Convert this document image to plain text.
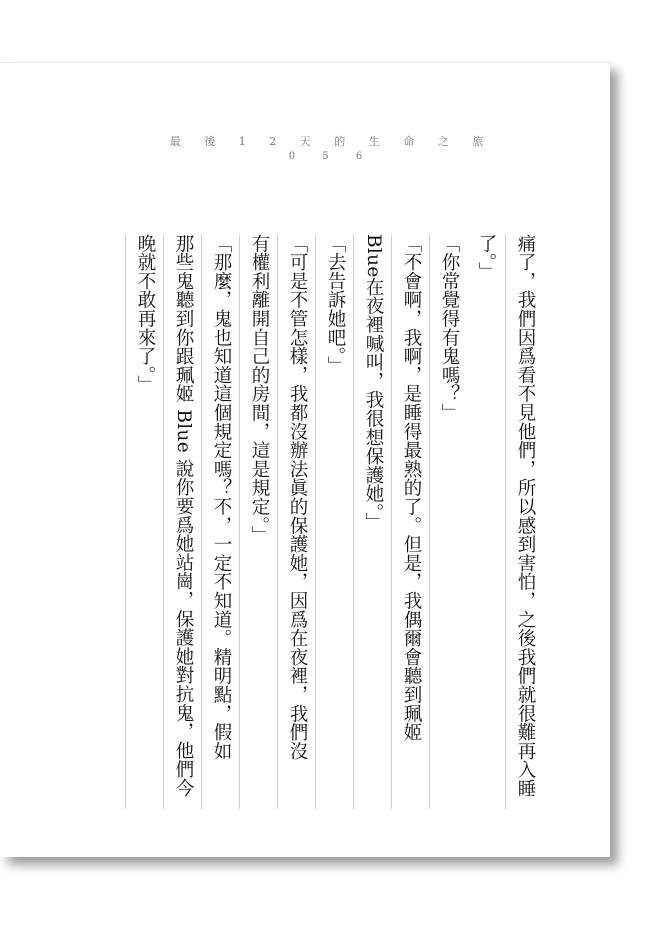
最 後 1 2 天 的 生 命 之 旅
0 5 6
痛了，我們因爲看不見他們，所以感到害怕，之後我們就很難再入睡
了。」
「你常覺得有鬼嗎？」
「不會啊，我啊，是睡得最熟的了。但是，我偶爾會聽到珮姬
Blue在夜裡喊叫，我很想保護她。」
「去告訴她吧。」
「可是不管怎樣，我都沒辦法眞的保護她，因爲在夜裡，我們沒
有權利離開自己的房間，這是規定。」
「那麼，鬼也知道這個規定嗎？不，一定不知道。精明點，假如
那些鬼聽到你跟珮姬 Blue 說你要爲她站崗，保護她對抗鬼，他們今
晚就不敢再來了。」
